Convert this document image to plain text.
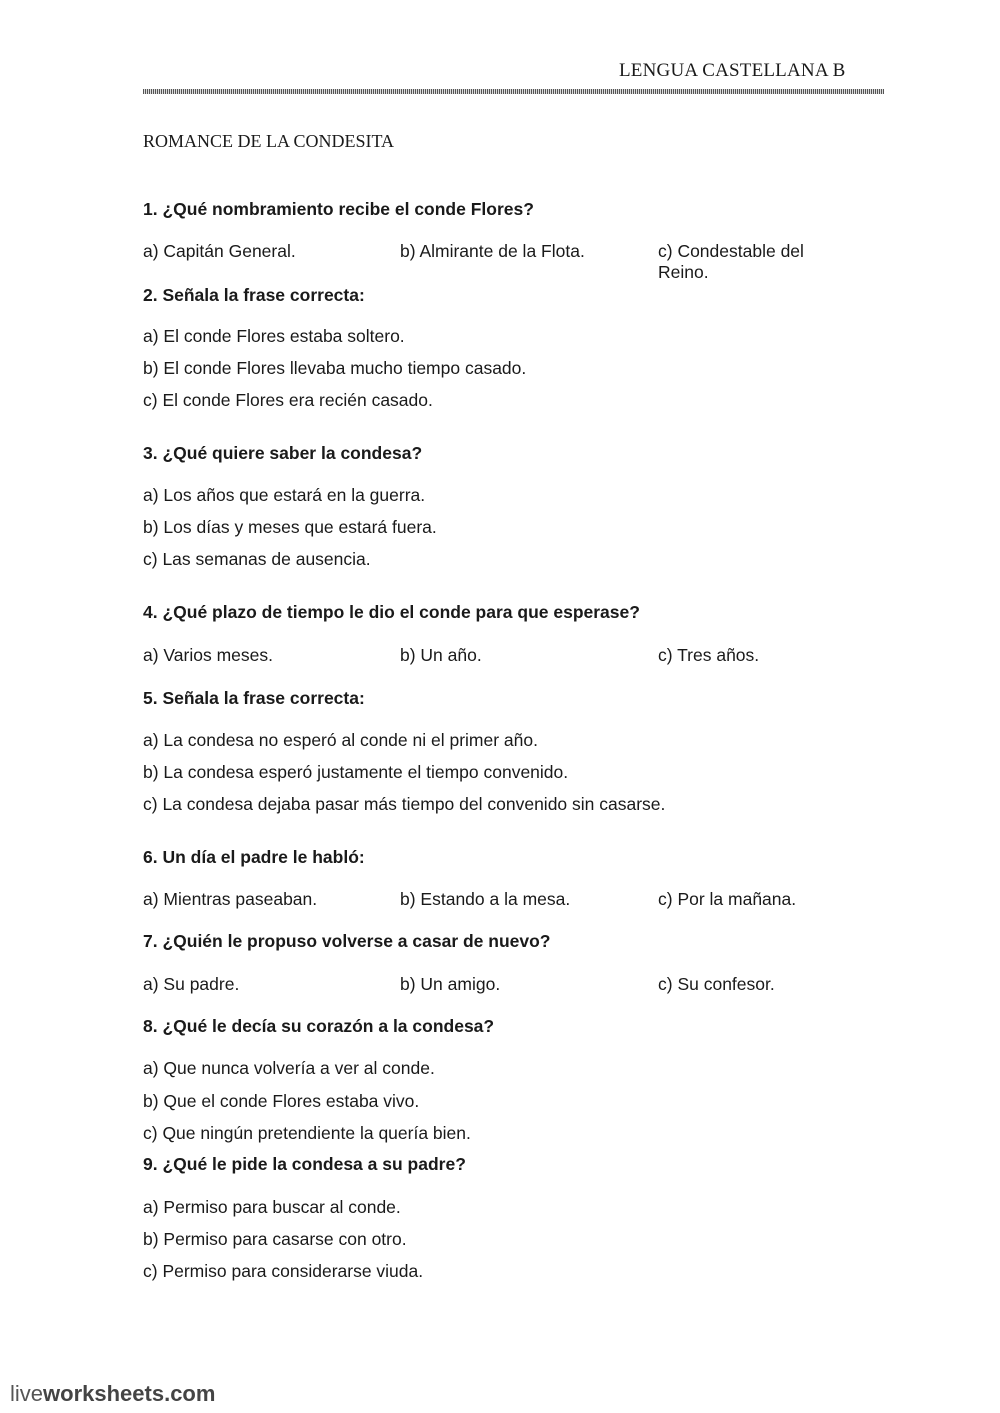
LENGUA CASTELLANA B
ROMANCE DE LA CONDESITA
1. ¿Qué nombramiento recibe el conde Flores?
a) Capitán General.	b) Almirante de la Flota.	c) Condestable del Reino.
2. Señala la frase correcta:
a) El conde Flores estaba soltero.
b) El conde Flores llevaba mucho tiempo casado.
c) El conde Flores era recién casado.
3. ¿Qué quiere saber la condesa?
a) Los años que estará en la guerra.
b) Los días y meses que estará fuera.
c) Las semanas de ausencia.
4. ¿Qué plazo de tiempo le dio el conde para que esperase?
a) Varios meses.	b) Un año.	c) Tres años.
5. Señala la frase correcta:
a) La condesa no esperó al conde ni el primer año.
b) La condesa esperó justamente el tiempo convenido.
c) La condesa dejaba pasar más tiempo del convenido sin casarse.
6. Un día el padre le habló:
a) Mientras paseaban.	b) Estando a la mesa.	c) Por la mañana.
7. ¿Quién le propuso volverse a casar de nuevo?
a) Su padre.	b) Un amigo.	c) Su confesor.
8. ¿Qué le decía su corazón a la condesa?
a) Que nunca volvería a ver al conde.
b) Que el conde Flores estaba vivo.
c) Que ningún pretendiente la quería bien.
9. ¿Qué le pide la condesa a su padre?
a) Permiso para buscar al conde.
b) Permiso para casarse con otro.
c) Permiso para considerarse viuda.
liveworksheets.com
